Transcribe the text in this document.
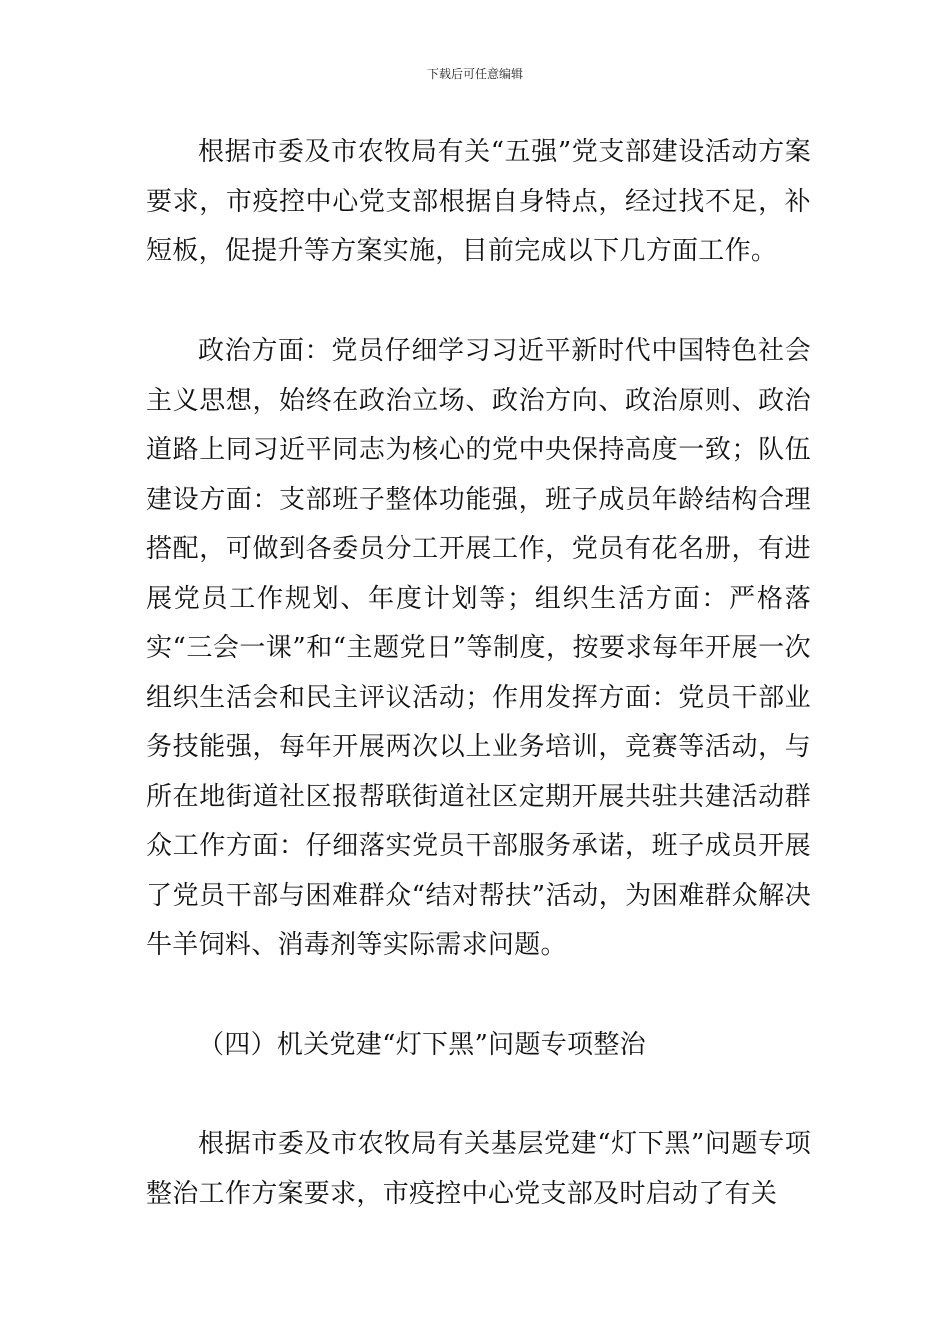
下载后可任意编辑

根据市委及市农牧局有关“五强”党支部建设活动方案要求，市疫控中心党支部根据自身特点，经过找不足，补短板，促提升等方案实施，目前完成以下几方面工作。

政治方面：党员仔细学习习近平新时代中国特色社会主义思想，始终在政治立场、政治方向、政治原则、政治道路上同习近平同志为核心的党中央保持高度一致；队伍建设方面：支部班子整体功能强，班子成员年龄结构合理搭配，可做到各委员分工开展工作，党员有花名册，有进展党员工作规划、年度计划等；组织生活方面：严格落实“三会一课”和“主题党日”等制度，按要求每年开展一次组织生活会和民主评议活动；作用发挥方面：党员干部业务技能强，每年开展两次以上业务培训，竞赛等活动，与所在地街道社区报帮联街道社区定期开展共驻共建活动群众工作方面：仔细落实党员干部服务承诺，班子成员开展了党员干部与困难群众“结对帮扶”活动，为困难群众解决牛羊饲料、消毒剂等实际需求问题。

（四）机关党建“灯下黑”问题专项整治

根据市委及市农牧局有关基层党建“灯下黑”问题专项整治工作方案要求，市疫控中心党支部及时启动了有关
